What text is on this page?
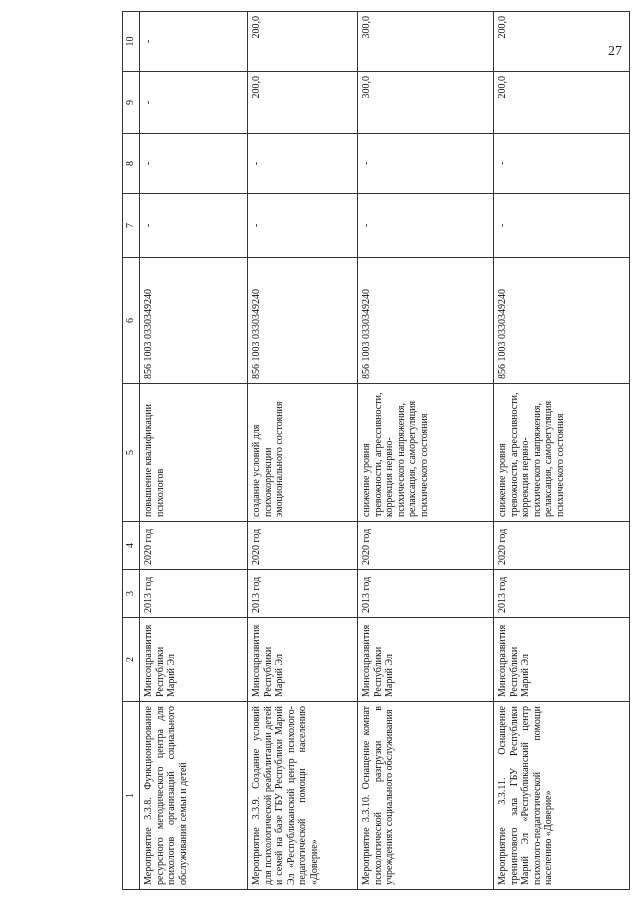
27
1	2	3	4	5	6	7	8	9	10
Мероприятие 3.3.8. Функционирование ресурсного методического центра для психологов организаций социального обслуживания семьи и детей	Минсоцразвития Республики Марий Эл	2013 год	2020 год	повышение квалификации психологов	856 1003 0330349240	-	-	-	-
Мероприятие 3.3.9. Создание условий для психологической реабилитации детей и семей на базе ГБУ Республики Марий Эл «Республиканский центр психолого-педагогической помощи населению «Доверие»	Минсоцразвития Республики Марий Эл	2013 год	2020 год	создание условий для психокоррекции эмоционального состояния	856 1003 0330349240	-	-	200,0	200,0
Мероприятие 3.3.10. Оснащение комнат психологической разгрузки в учреждениях социального обслуживания	Минсоцразвития Республики Марий Эл	2013 год	2020 год	снижение уровня тревожности, агрессивности, коррекция нервно-психического напряжения, релаксация, саморегуляция психического состояния	856 1003 0330349240	-	-	300,0	300,0
Мероприятие 3.3.11. Оснащение тренингового зала ГБУ Республики Марий Эл «Республиканский центр психолого-педагогической помощи населению «Доверие»	Минсоцразвития Республики Марий Эл	2013 год	2020 год	снижение уровня тревожности, агрессивности, коррекция нервно-психического напряжения, релаксация, саморегуляция психического состояния	856 1003 0330349240	-	-	200,0	200,0
